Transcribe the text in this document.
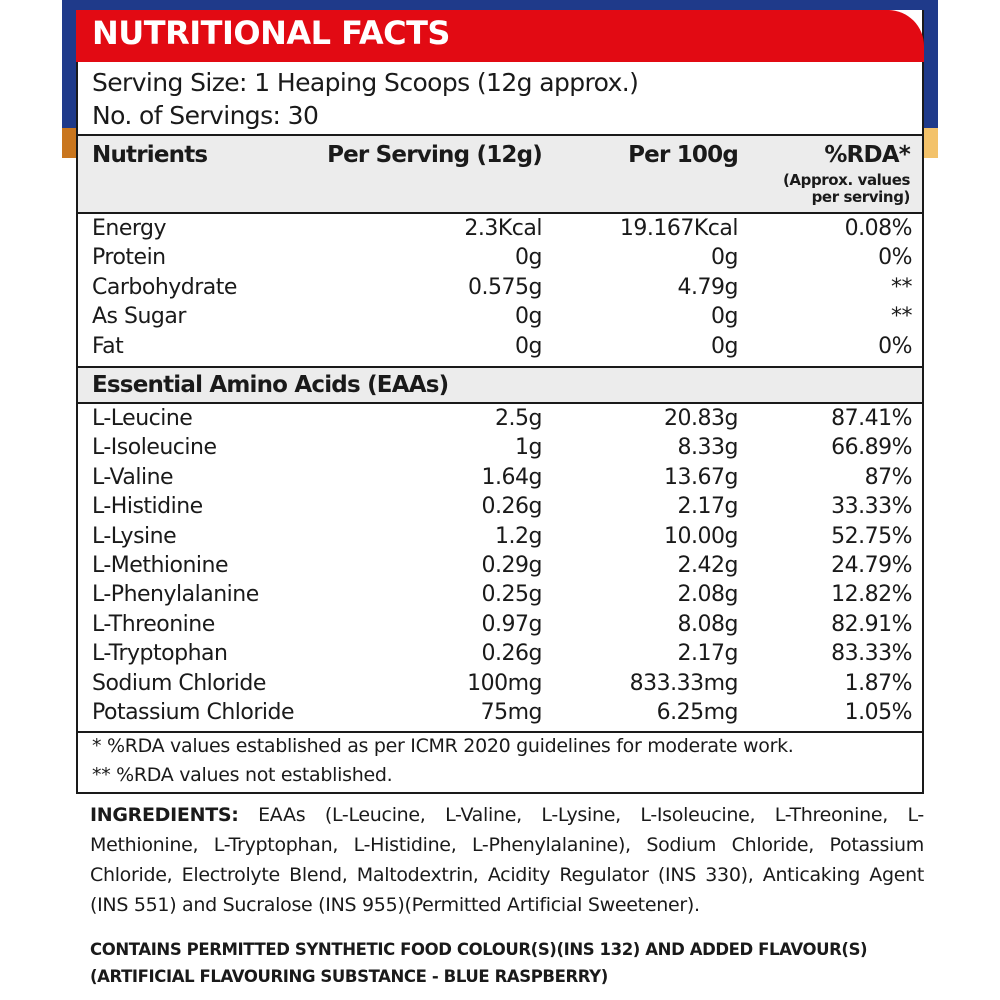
NUTRITIONAL FACTS
Serving Size: 1 Heaping Scoops (12g approx.)
No. of Servings: 30
Nutrients	Per Serving (12g)	Per 100g	%RDA*
(Approx. values
per serving)
Energy	2.3Kcal	19.167Kcal	0.08%
Protein	0g	0g	0%
Carbohydrate	0.575g	4.79g	**
As Sugar	0g	0g	**
Fat	0g	0g	0%
Essential Amino Acids (EAAs)
L-Leucine	2.5g	20.83g	87.41%
L-Isoleucine	1g	8.33g	66.89%
L-Valine	1.64g	13.67g	87%
L-Histidine	0.26g	2.17g	33.33%
L-Lysine	1.2g	10.00g	52.75%
L-Methionine	0.29g	2.42g	24.79%
L-Phenylalanine	0.25g	2.08g	12.82%
L-Threonine	0.97g	8.08g	82.91%
L-Tryptophan	0.26g	2.17g	83.33%
Sodium Chloride	100mg	833.33mg	1.87%
Potassium Chloride	75mg	6.25mg	1.05%
* %RDA values established as per ICMR 2020 guidelines for moderate work.
** %RDA values not established.
INGREDIENTS: EAAs (L-Leucine, L-Valine, L-Lysine, L-Isoleucine, L-Threonine, L-Methionine, L-Tryptophan, L-Histidine, L-Phenylalanine), Sodium Chloride, Potassium Chloride, Electrolyte Blend, Maltodextrin, Acidity Regulator (INS 330), Anticaking Agent (INS 551) and Sucralose (INS 955)(Permitted Artificial Sweetener).
CONTAINS PERMITTED SYNTHETIC FOOD COLOUR(S)(INS 132) AND ADDED FLAVOUR(S) (ARTIFICIAL FLAVOURING SUBSTANCE - BLUE RASPBERRY)
